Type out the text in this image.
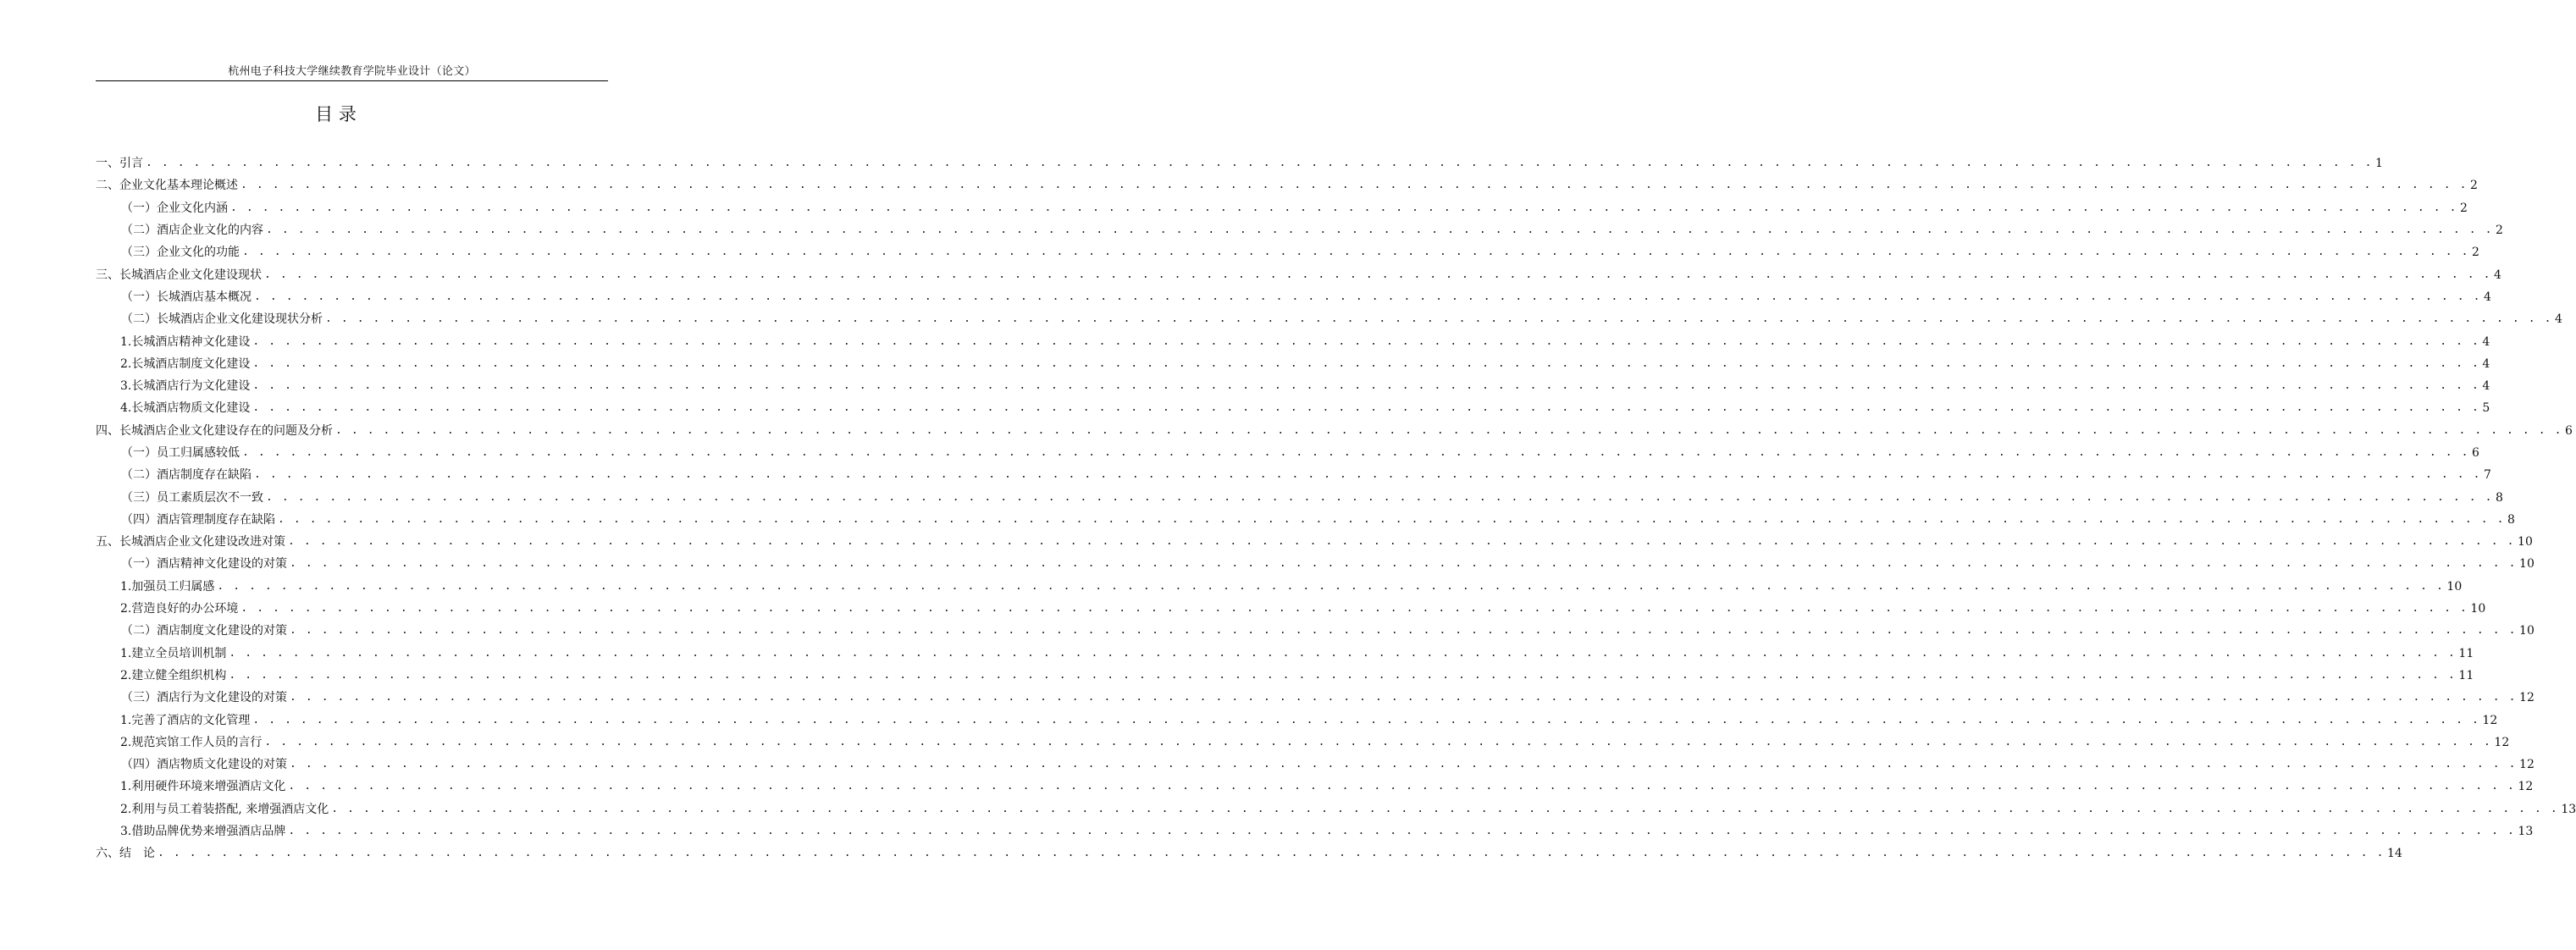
杭州电子科技大学继续教育学院毕业设计（论文）
目 录
一、引言 . . . . . . . . . . . . . . . . . . . . . . . . . . . . . . . . . . . . . . . . . . . . . . . . . . . . . . . . . . . . . . . . . . . . . . . . . . . . . . . . . . . . . . . . . . . . . . . . . . . . . . . . . . . . . . . . . . . . . . . . . . . . . . . . . . . . . . . . . . . . 1
二、企业文化基本理论概述 . . . . . . . . . . . . . . . . . . . . . . . . . . . . . . . . . . . . . . . . . . . . . . . . . . . . . . . . . . . . . . . . . . . . . . . . . . . . . . . . . . . . . . . . . . . . . . . . . . . . . . . . . . . . . . . . . . . . . . . . . . . . . . . . . . . . . . . . . . . . 2
（一）企业文化内涵 . . . . . . . . . . . . . . . . . . . . . . . . . . . . . . . . . . . . . . . . . . . . . . . . . . . . . . . . . . . . . . . . . . . . . . . . . . . . . . . . . . . . . . . . . . . . . . . . . . . . . . . . . . . . . . . . . . . . . . . . . . . . . . . . . . . . . . . . . . . . 2
（二）酒店企业文化的内容 . . . . . . . . . . . . . . . . . . . . . . . . . . . . . . . . . . . . . . . . . . . . . . . . . . . . . . . . . . . . . . . . . . . . . . . . . . . . . . . . . . . . . . . . . . . . . . . . . . . . . . . . . . . . . . . . . . . . . . . . . . . . . . . . . . . . . . . . . . . . 2
（三）企业文化的功能 . . . . . . . . . . . . . . . . . . . . . . . . . . . . . . . . . . . . . . . . . . . . . . . . . . . . . . . . . . . . . . . . . . . . . . . . . . . . . . . . . . . . . . . . . . . . . . . . . . . . . . . . . . . . . . . . . . . . . . . . . . . . . . . . . . . . . . . . . . . . 2
三、长城酒店企业文化建设现状 . . . . . . . . . . . . . . . . . . . . . . . . . . . . . . . . . . . . . . . . . . . . . . . . . . . . . . . . . . . . . . . . . . . . . . . . . . . . . . . . . . . . . . . . . . . . . . . . . . . . . . . . . . . . . . . . . . . . . . . . . . . . . . . . . . . . . . . . . . . . 4
（一）长城酒店基本概况 . . . . . . . . . . . . . . . . . . . . . . . . . . . . . . . . . . . . . . . . . . . . . . . . . . . . . . . . . . . . . . . . . . . . . . . . . . . . . . . . . . . . . . . . . . . . . . . . . . . . . . . . . . . . . . . . . . . . . . . . . . . . . . . . . . . . . . . . . . . . 4
（二）长城酒店企业文化建设现状分析 . . . . . . . . . . . . . . . . . . . . . . . . . . . . . . . . . . . . . . . . . . . . . . . . . . . . . . . . . . . . . . . . . . . . . . . . . . . . . . . . . . . . . . . . . . . . . . . . . . . . . . . . . . . . . . . . . . . . . . . . . . . . . . . . . . . . . . . . . . . . 4
1.长城酒店精神文化建设 . . . . . . . . . . . . . . . . . . . . . . . . . . . . . . . . . . . . . . . . . . . . . . . . . . . . . . . . . . . . . . . . . . . . . . . . . . . . . . . . . . . . . . . . . . . . . . . . . . . . . . . . . . . . . . . . . . . . . . . . . . . . . . . . . . . . . . . . . . . . 4
2.长城酒店制度文化建设 . . . . . . . . . . . . . . . . . . . . . . . . . . . . . . . . . . . . . . . . . . . . . . . . . . . . . . . . . . . . . . . . . . . . . . . . . . . . . . . . . . . . . . . . . . . . . . . . . . . . . . . . . . . . . . . . . . . . . . . . . . . . . . . . . . . . . . . . . . . . 4
3.长城酒店行为文化建设 . . . . . . . . . . . . . . . . . . . . . . . . . . . . . . . . . . . . . . . . . . . . . . . . . . . . . . . . . . . . . . . . . . . . . . . . . . . . . . . . . . . . . . . . . . . . . . . . . . . . . . . . . . . . . . . . . . . . . . . . . . . . . . . . . . . . . . . . . . . . 4
4.长城酒店物质文化建设 . . . . . . . . . . . . . . . . . . . . . . . . . . . . . . . . . . . . . . . . . . . . . . . . . . . . . . . . . . . . . . . . . . . . . . . . . . . . . . . . . . . . . . . . . . . . . . . . . . . . . . . . . . . . . . . . . . . . . . . . . . . . . . . . . . . . . . . . . . . . 5
四、长城酒店企业文化建设存在的问题及分析 . . . . . . . . . . . . . . . . . . . . . . . . . . . . . . . . . . . . . . . . . . . . . . . . . . . . . . . . . . . . . . . . . . . . . . . . . . . . . . . . . . . . . . . . . . . . . . . . . . . . . . . . . . . . . . . . . . . . . . . . . . . . . . . . . . . . . . . . . . . . 6
（一）员工归属感较低 . . . . . . . . . . . . . . . . . . . . . . . . . . . . . . . . . . . . . . . . . . . . . . . . . . . . . . . . . . . . . . . . . . . . . . . . . . . . . . . . . . . . . . . . . . . . . . . . . . . . . . . . . . . . . . . . . . . . . . . . . . . . . . . . . . . . . . . . . . . . 6
（二）酒店制度存在缺陷 . . . . . . . . . . . . . . . . . . . . . . . . . . . . . . . . . . . . . . . . . . . . . . . . . . . . . . . . . . . . . . . . . . . . . . . . . . . . . . . . . . . . . . . . . . . . . . . . . . . . . . . . . . . . . . . . . . . . . . . . . . . . . . . . . . . . . . . . . . . . 7
（三）员工素质层次不一致 . . . . . . . . . . . . . . . . . . . . . . . . . . . . . . . . . . . . . . . . . . . . . . . . . . . . . . . . . . . . . . . . . . . . . . . . . . . . . . . . . . . . . . . . . . . . . . . . . . . . . . . . . . . . . . . . . . . . . . . . . . . . . . . . . . . . . . . . . . . . 8
（四）酒店管理制度存在缺陷 . . . . . . . . . . . . . . . . . . . . . . . . . . . . . . . . . . . . . . . . . . . . . . . . . . . . . . . . . . . . . . . . . . . . . . . . . . . . . . . . . . . . . . . . . . . . . . . . . . . . . . . . . . . . . . . . . . . . . . . . . . . . . . . . . . . . . . . . . . . . 8
五、长城酒店企业文化建设改进对策 . . . . . . . . . . . . . . . . . . . . . . . . . . . . . . . . . . . . . . . . . . . . . . . . . . . . . . . . . . . . . . . . . . . . . . . . . . . . . . . . . . . . . . . . . . . . . . . . . . . . . . . . . . . . . . . . . . . . . . . . . . . . . . . . . . . . . . . . . . . . 10
（一）酒店精神文化建设的对策 . . . . . . . . . . . . . . . . . . . . . . . . . . . . . . . . . . . . . . . . . . . . . . . . . . . . . . . . . . . . . . . . . . . . . . . . . . . . . . . . . . . . . . . . . . . . . . . . . . . . . . . . . . . . . . . . . . . . . . . . . . . . . . . . . . . . . . . . . . . . 10
1.加强员工归属感 . . . . . . . . . . . . . . . . . . . . . . . . . . . . . . . . . . . . . . . . . . . . . . . . . . . . . . . . . . . . . . . . . . . . . . . . . . . . . . . . . . . . . . . . . . . . . . . . . . . . . . . . . . . . . . . . . . . . . . . . . . . . . . . . . . . . . . . . . . . . 10
2.营造良好的办公环境 . . . . . . . . . . . . . . . . . . . . . . . . . . . . . . . . . . . . . . . . . . . . . . . . . . . . . . . . . . . . . . . . . . . . . . . . . . . . . . . . . . . . . . . . . . . . . . . . . . . . . . . . . . . . . . . . . . . . . . . . . . . . . . . . . . . . . . . . . . . . 10
（二）酒店制度文化建设的对策 . . . . . . . . . . . . . . . . . . . . . . . . . . . . . . . . . . . . . . . . . . . . . . . . . . . . . . . . . . . . . . . . . . . . . . . . . . . . . . . . . . . . . . . . . . . . . . . . . . . . . . . . . . . . . . . . . . . . . . . . . . . . . . . . . . . . . . . . . . . . 10
1.建立全员培训机制 . . . . . . . . . . . . . . . . . . . . . . . . . . . . . . . . . . . . . . . . . . . . . . . . . . . . . . . . . . . . . . . . . . . . . . . . . . . . . . . . . . . . . . . . . . . . . . . . . . . . . . . . . . . . . . . . . . . . . . . . . . . . . . . . . . . . . . . . . . . . 11
2.建立健全组织机构 . . . . . . . . . . . . . . . . . . . . . . . . . . . . . . . . . . . . . . . . . . . . . . . . . . . . . . . . . . . . . . . . . . . . . . . . . . . . . . . . . . . . . . . . . . . . . . . . . . . . . . . . . . . . . . . . . . . . . . . . . . . . . . . . . . . . . . . . . . . . 11
（三）酒店行为文化建设的对策 . . . . . . . . . . . . . . . . . . . . . . . . . . . . . . . . . . . . . . . . . . . . . . . . . . . . . . . . . . . . . . . . . . . . . . . . . . . . . . . . . . . . . . . . . . . . . . . . . . . . . . . . . . . . . . . . . . . . . . . . . . . . . . . . . . . . . . . . . . . . 12
1.完善了酒店的文化管理 . . . . . . . . . . . . . . . . . . . . . . . . . . . . . . . . . . . . . . . . . . . . . . . . . . . . . . . . . . . . . . . . . . . . . . . . . . . . . . . . . . . . . . . . . . . . . . . . . . . . . . . . . . . . . . . . . . . . . . . . . . . . . . . . . . . . . . . . . . . . 12
2.规范宾馆工作人员的言行 . . . . . . . . . . . . . . . . . . . . . . . . . . . . . . . . . . . . . . . . . . . . . . . . . . . . . . . . . . . . . . . . . . . . . . . . . . . . . . . . . . . . . . . . . . . . . . . . . . . . . . . . . . . . . . . . . . . . . . . . . . . . . . . . . . . . . . . . . . . . 12
（四）酒店物质文化建设的对策 . . . . . . . . . . . . . . . . . . . . . . . . . . . . . . . . . . . . . . . . . . . . . . . . . . . . . . . . . . . . . . . . . . . . . . . . . . . . . . . . . . . . . . . . . . . . . . . . . . . . . . . . . . . . . . . . . . . . . . . . . . . . . . . . . . . . . . . . . . . . 12
1.利用硬件环境来增强酒店文化 . . . . . . . . . . . . . . . . . . . . . . . . . . . . . . . . . . . . . . . . . . . . . . . . . . . . . . . . . . . . . . . . . . . . . . . . . . . . . . . . . . . . . . . . . . . . . . . . . . . . . . . . . . . . . . . . . . . . . . . . . . . . . . . . . . . . . . . . . . . . 12
2.利用与员工着装搭配, 来增强酒店文化 . . . . . . . . . . . . . . . . . . . . . . . . . . . . . . . . . . . . . . . . . . . . . . . . . . . . . . . . . . . . . . . . . . . . . . . . . . . . . . . . . . . . . . . . . . . . . . . . . . . . . . . . . . . . . . . . . . . . . . . . . . . . . . . . . . . . . . . . . . . . 13
3.借助品牌优势来增强酒店品牌 . . . . . . . . . . . . . . . . . . . . . . . . . . . . . . . . . . . . . . . . . . . . . . . . . . . . . . . . . . . . . . . . . . . . . . . . . . . . . . . . . . . . . . . . . . . . . . . . . . . . . . . . . . . . . . . . . . . . . . . . . . . . . . . . . . . . . . . . . . . . 13
六、结　论 . . . . . . . . . . . . . . . . . . . . . . . . . . . . . . . . . . . . . . . . . . . . . . . . . . . . . . . . . . . . . . . . . . . . . . . . . . . . . . . . . . . . . . . . . . . . . . . . . . . . . . . . . . . . . . . . . . . . . . . . . . . . . . . . . . . . . . . . . . . . 14
